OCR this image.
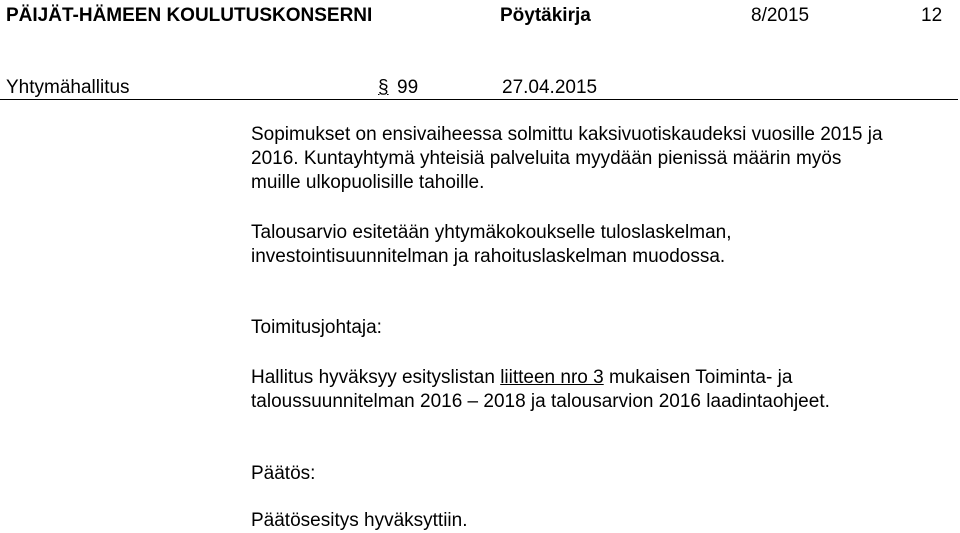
PÄIJÄT-HÄMEEN KOULUTUSKONSERNI	Pöytäkirja	8/2015	12
Yhtymähallitus	§ 99	27.04.2015
Sopimukset on ensivaiheessa solmittu kaksivuotiskaudeksi vuosille 2015 ja
2016. Kuntayhtymä yhteisiä palveluita myydään pienissä määrin myös
muille ulkopuolisille tahoille.
Talousarvio esitetään yhtymäkokoukselle tuloslaskelman,
investointisuunnitelman ja rahoituslaskelman muodossa.
Toimitusjohtaja:
Hallitus hyväksyy esityslistan liitteen nro 3 mukaisen Toiminta- ja
taloussuunnitelman 2016 – 2018 ja talousarvion 2016 laadintaohjeet.
Päätös:
Päätösesitys hyväksyttiin.
